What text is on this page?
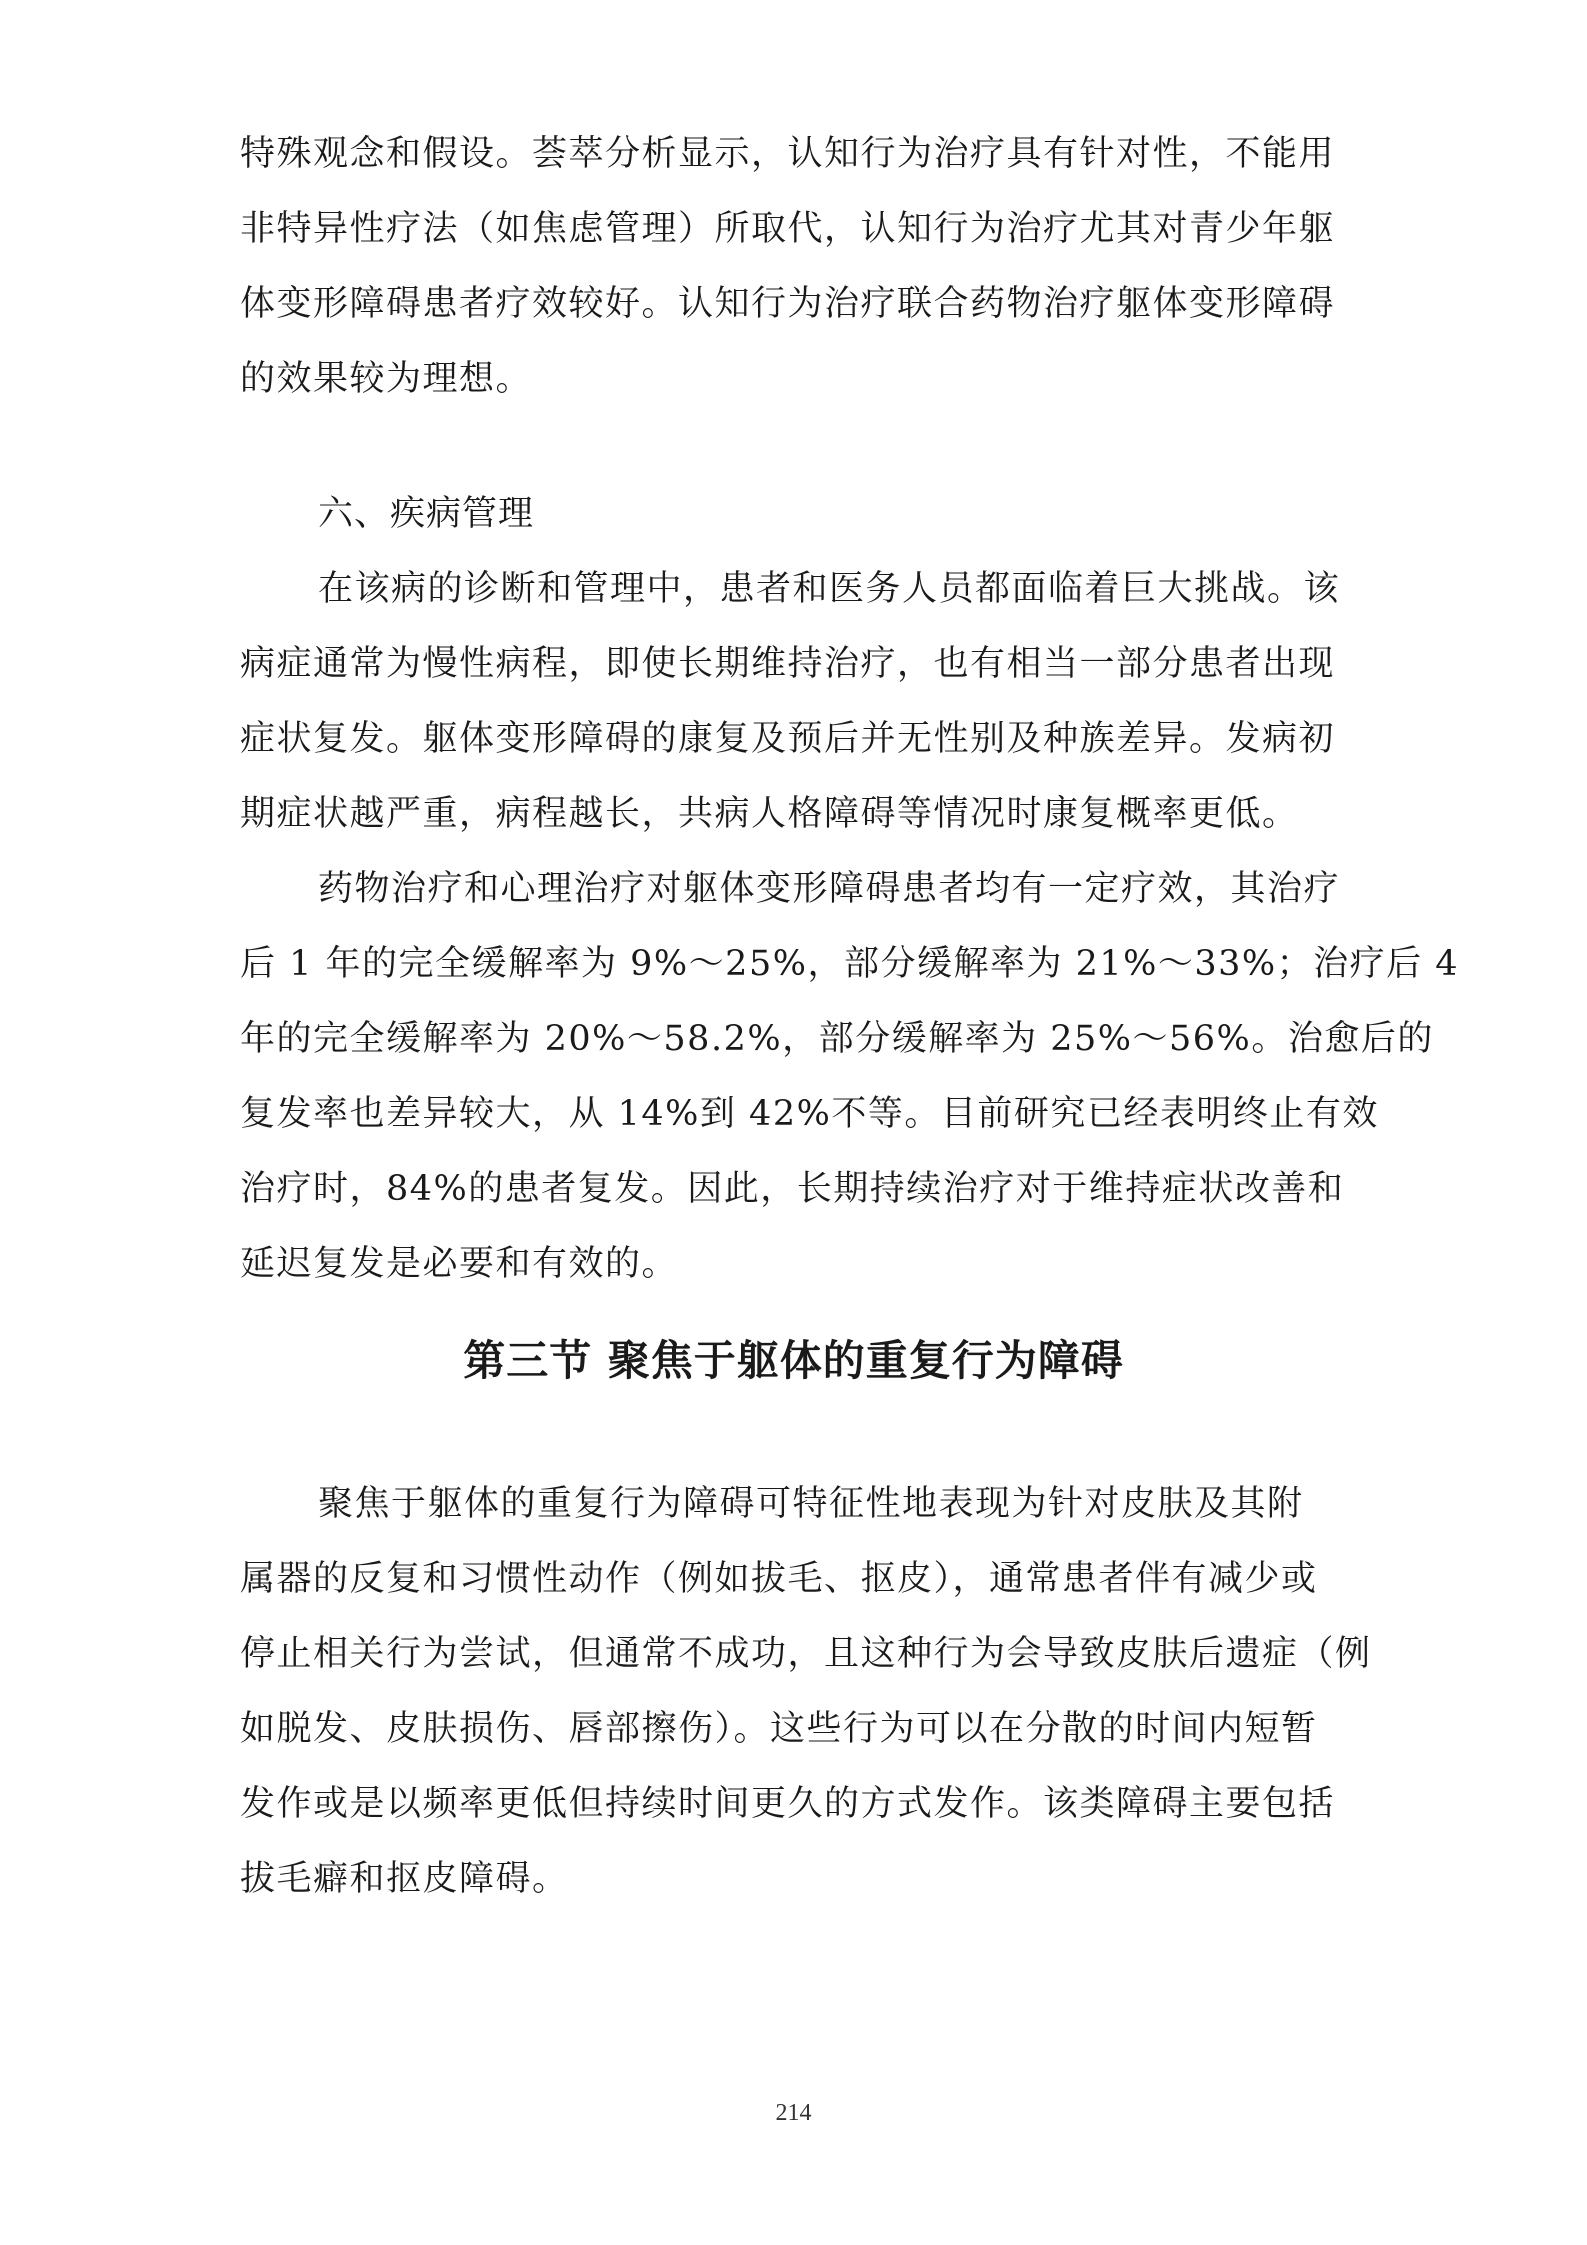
特殊观念和假设。荟萃分析显示，认知行为治疗具有针对性，不能用
非特异性疗法（如焦虑管理）所取代，认知行为治疗尤其对青少年躯
体变形障碍患者疗效较好。认知行为治疗联合药物治疗躯体变形障碍
的效果较为理想。
六、疾病管理
在该病的诊断和管理中，患者和医务人员都面临着巨大挑战。该
病症通常为慢性病程，即使长期维持治疗，也有相当一部分患者出现
症状复发。躯体变形障碍的康复及预后并无性别及种族差异。发病初
期症状越严重，病程越长，共病人格障碍等情况时康复概率更低。
药物治疗和心理治疗对躯体变形障碍患者均有一定疗效，其治疗
后 1 年的完全缓解率为 9%～25%，部分缓解率为 21%～33%；治疗后 4
年的完全缓解率为 20%～58.2%，部分缓解率为 25%～56%。治愈后的
复发率也差异较大，从 14%到 42%不等。目前研究已经表明终止有效
治疗时，84%的患者复发。因此，长期持续治疗对于维持症状改善和
延迟复发是必要和有效的。
第三节 聚焦于躯体的重复行为障碍
聚焦于躯体的重复行为障碍可特征性地表现为针对皮肤及其附
属器的反复和习惯性动作（例如拔毛、抠皮），通常患者伴有减少或
停止相关行为尝试，但通常不成功，且这种行为会导致皮肤后遗症（例
如脱发、皮肤损伤、唇部擦伤）。这些行为可以在分散的时间内短暂
发作或是以频率更低但持续时间更久的方式发作。该类障碍主要包括
拔毛癖和抠皮障碍。
214
